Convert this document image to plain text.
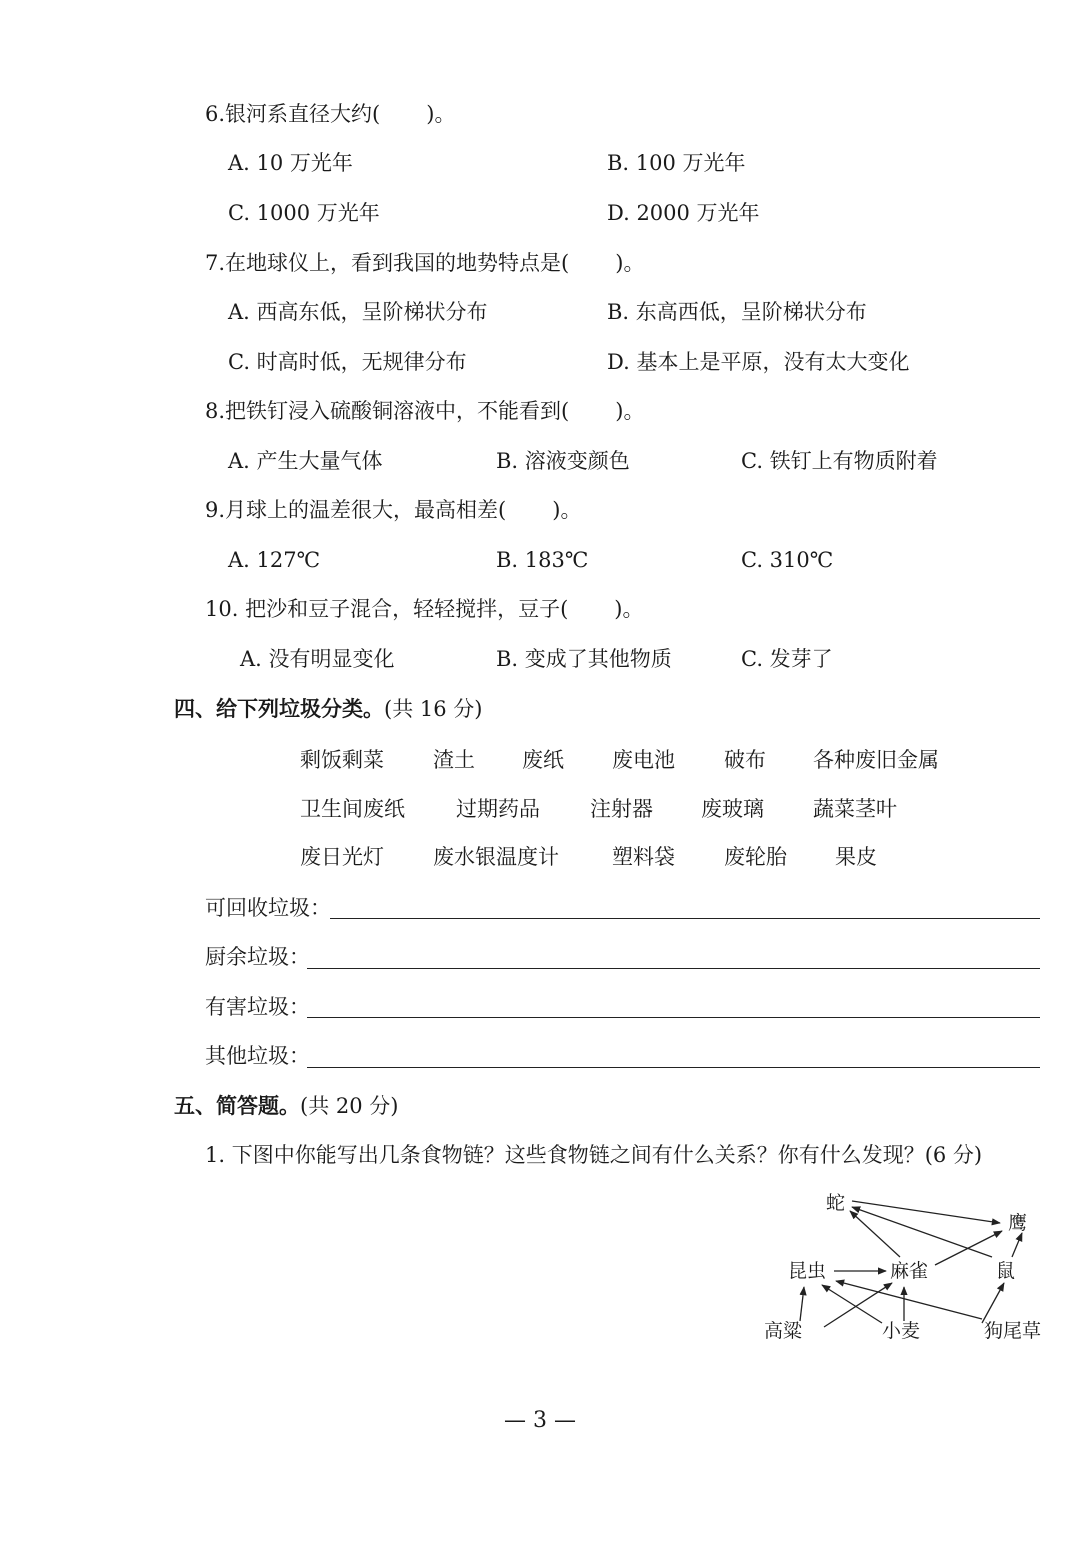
6.银河系直径大约( )。
A. 10 万光年	B. 100 万光年
C. 1000 万光年	D. 2000 万光年
7.在地球仪上，看到我国的地势特点是( )。
A. 西高东低，呈阶梯状分布	B. 东高西低，呈阶梯状分布
C. 时高时低，无规律分布	D. 基本上是平原，没有太大变化
8.把铁钉浸入硫酸铜溶液中，不能看到( )。
A. 产生大量气体	B. 溶液变颜色	C. 铁钉上有物质附着
9.月球上的温差很大，最高相差( )。
A. 127℃	B. 183℃	C. 310℃
10. 把沙和豆子混合，轻轻搅拌，豆子( )。
A. 没有明显变化	B. 变成了其他物质	C. 发芽了
四、给下列垃圾分类。(共 16 分)
剩饭剩菜 渣土 废纸 废电池 破布 各种废旧金属
卫生间废纸 过期药品 注射器 废玻璃 蔬菜茎叶
废日光灯 废水银温度计	塑料袋 废轮胎 果皮
可回收垃圾：
厨余垃圾：
有害垃圾：
其他垃圾：
五、简答题。(共 20 分)
1. 下图中你能写出几条食物链？这些食物链之间有什么关系？你有什么发现？(6 分)
蛇
鹰
昆虫	麻雀	鼠
高粱	小麦	狗尾草
— 3 —
